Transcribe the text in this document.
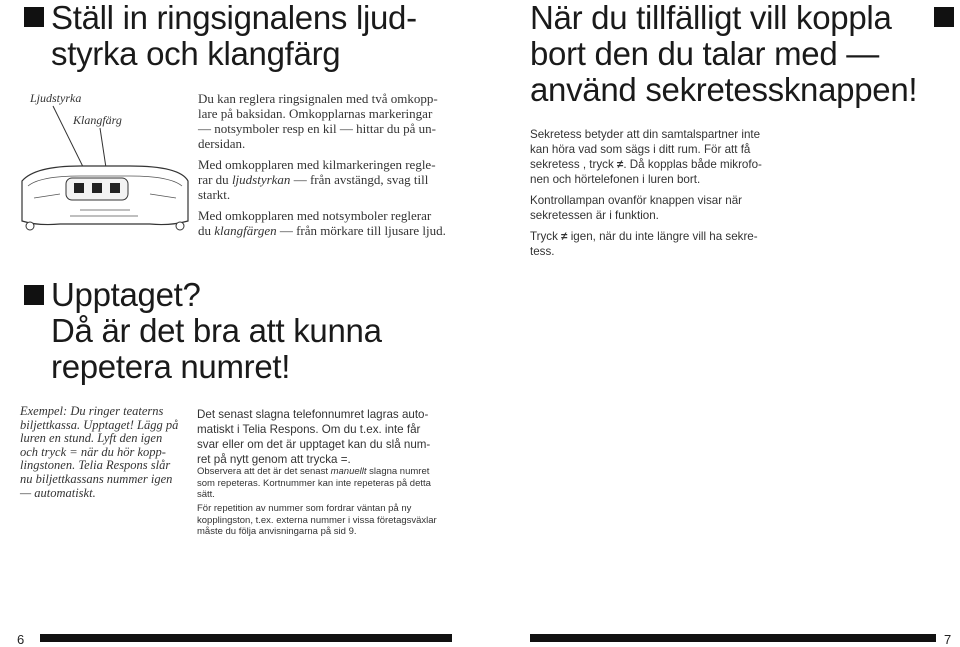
Ställ in ringsignalens ljud-
styrka och klangfärg
Ljudstyrka
Klangfärg

Du kan reglera ringsignalen med två omkopp-
lare på baksidan. Omkopplarnas markeringar
— notsymboler resp en kil — hittar du på un-
dersidan.

Med omkopplaren med kilmarkeringen regle-
rar du ljudstyrkan — från avstängd, svag till
starkt.

Med omkopplaren med notsymboler reglerar
du klangfärgen — från mörkare till ljusare ljud.

När du tillfälligt vill koppla
bort den du talar med —
använd sekretessknappen!

Sekretess betyder att din samtalspartner inte
kan höra vad som sägs i ditt rum. För att få
sekretess , tryck ≠. Då kopplas både mikrofo-
nen och hörtelefonen i luren bort.

Kontrollampan ovanför knappen visar när
sekretessen är i funktion.

Tryck ≠ igen, när du inte längre vill ha sekre-
tess.

Upptaget?
Då är det bra att kunna
repetera numret!
Exempel: Du ringer teaterns
biljettkassa. Upptaget! Lägg på
luren en stund. Lyft den igen
och tryck = när du hör kopp-
lingstonen. Telia Respons slår
nu biljettkassans nummer igen
— automatiskt.

Det senast slagna telefonnumret lagras auto-
matiskt i Telia Respons. Om du t.ex. inte får
svar eller om det är upptaget kan du slå num-
ret på nytt genom att trycka =.

Observera att det är det senast manuellt slagna numret
som repeteras. Kortnummer kan inte repeteras på detta
sätt.
För repetition av nummer som fordrar väntan på ny
kopplingston, t.ex. externa nummer i vissa företagsväxlar
måste du följa anvisningarna på sid 9.
6	7
